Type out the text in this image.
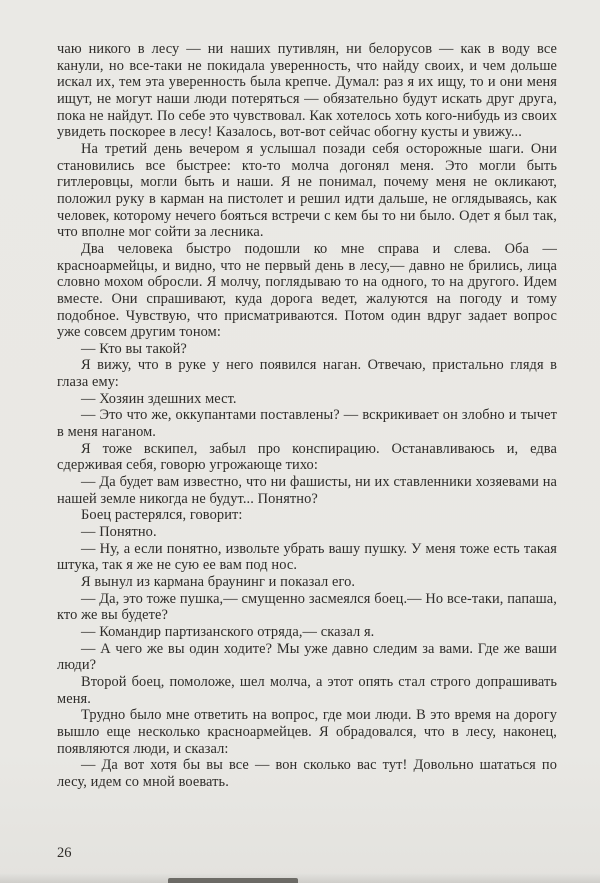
чаю никого в лесу — ни наших путивлян, ни белорусов — как в воду все канули, но все-таки не покидала уверенность, что найду своих, и чем дольше искал их, тем эта уверенность была крепче. Думал: раз я их ищу, то и они меня ищут, не могут наши люди потеряться — обязательно будут искать друг друга, пока не найдут. По себе это чувствовал. Как хотелось хоть кого-нибудь из своих увидеть поскорее в лесу! Казалось, вот-вот сейчас обогну кусты и увижу...

На третий день вечером я услышал позади себя осторожные шаги. Они становились все быстрее: кто-то молча догонял меня. Это могли быть гитлеровцы, могли быть и наши. Я не понимал, почему меня не окликают, положил руку в карман на пистолет и решил идти дальше, не оглядываясь, как человек, которому нечего бояться встречи с кем бы то ни было. Одет я был так, что вполне мог сойти за лесника.

Два человека быстро подошли ко мне справа и слева. Оба — красноармейцы, и видно, что не первый день в лесу,— давно не брились, лица словно мохом обросли. Я молчу, поглядываю то на одного, то на другого. Идем вместе. Они спрашивают, куда дорога ведет, жалуются на погоду и тому подобное. Чувствую, что присматриваются. Потом один вдруг задает вопрос уже совсем другим тоном:

— Кто вы такой?

Я вижу, что в руке у него появился наган. Отвечаю, пристально глядя в глаза ему:

— Хозяин здешних мест.

— Это что же, оккупантами поставлены? — вскрикивает он злобно и тычет в меня наганом.

Я тоже вскипел, забыл про конспирацию. Останавливаюсь и, едва сдерживая себя, говорю угрожающе тихо:

— Да будет вам известно, что ни фашисты, ни их ставленники хозяевами на нашей земле никогда не будут... Понятно?

Боец растерялся, говорит:

— Понятно.

— Ну, а если понятно, извольте убрать вашу пушку. У меня тоже есть такая штука, так я же не сую ее вам под нос.

Я вынул из кармана браунинг и показал его.

— Да, это тоже пушка,— смущенно засмеялся боец.— Но все-таки, папаша, кто же вы будете?

— Командир партизанского отряда,— сказал я.

— А чего же вы один ходите? Мы уже давно следим за вами. Где же ваши люди?

Второй боец, помоложе, шел молча, а этот опять стал строго допрашивать меня.

Трудно было мне ответить на вопрос, где мои люди. В это время на дорогу вышло еще несколько красноармейцев. Я обрадовался, что в лесу, наконец, появляются люди, и сказал:

— Да вот хотя бы вы все — вон сколько вас тут! Довольно шататься по лесу, идем со мной воевать.

26
